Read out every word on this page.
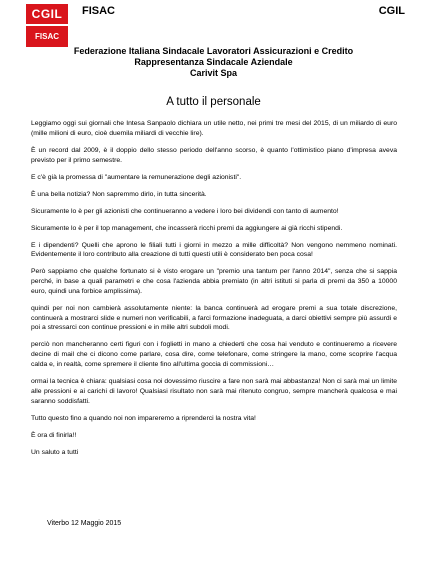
CGIL
FISAC
FISAC	CGIL
Federazione Italiana Sindacale Lavoratori Assicurazioni e Credito
Rappresentanza Sindacale Aziendale
Carivit Spa
A tutto il personale

Leggiamo oggi sui giornali che Intesa Sanpaolo dichiara un utile netto, nei primi tre mesi del 2015, di un miliardo di euro (mille milioni di euro, cioè duemila miliardi di vecchie lire).

È un record dal 2009, è il doppio dello stesso periodo dell'anno scorso, è quanto l'ottimistico piano d'impresa aveva previsto per il primo semestre.

E c'è già la promessa di "aumentare la remunerazione degli azionisti".

È una bella notizia? Non sapremmo dirlo, in tutta sincerità.

Sicuramente lo è per gli azionisti che continueranno a vedere i loro bei dividendi con tanto di aumento!

Sicuramente lo è per il top management, che incasserà ricchi premi da aggiungere ai già ricchi stipendi.

E i dipendenti? Quelli che aprono le filiali tutti i giorni in mezzo a mille difficoltà? Non vengono nemmeno nominati. Evidentemente il loro contributo alla creazione di tutti questi utili è considerato ben poca cosa!

Però sappiamo che qualche fortunato si è visto erogare un "premio una tantum per l'anno 2014", senza che si sappia perché, in base a quali parametri e che cosa l'azienda abbia premiato (in altri istituti si parla di premi da 350 a 10000 euro, quindi una forbice amplissima).

quindi per noi non cambierà assolutamente niente: la banca continuerà ad erogare premi a sua totale discrezione, continuerà a mostrarci slide e numeri non verificabili, a farci formazione inadeguata, a darci obiettivi sempre più assurdi e poi a stressarci con continue pressioni e in mille altri subdoli modi.

perciò non mancheranno certi figuri con i foglietti in mano a chiederti che cosa hai venduto e continueremo a ricevere decine di mail che ci dicono come parlare, cosa dire, come telefonare, come stringere la mano, come scoprire l'acqua calda e, in realtà, come spremere il cliente fino all'ultima goccia di commissioni…

ormai la tecnica è chiara: qualsiasi cosa noi dovessimo riuscire a fare non sarà mai abbastanza! Non ci sarà mai un limite alle pressioni e ai carichi di lavoro! Qualsiasi risultato non sarà mai ritenuto congruo, sempre mancherà qualcosa e mai saranno soddisfatti.

Tutto questo fino a quando noi non impareremo a riprenderci la nostra vita!

È ora di finirla!!

Un saluto a tutti

Viterbo 12 Maggio 2015
